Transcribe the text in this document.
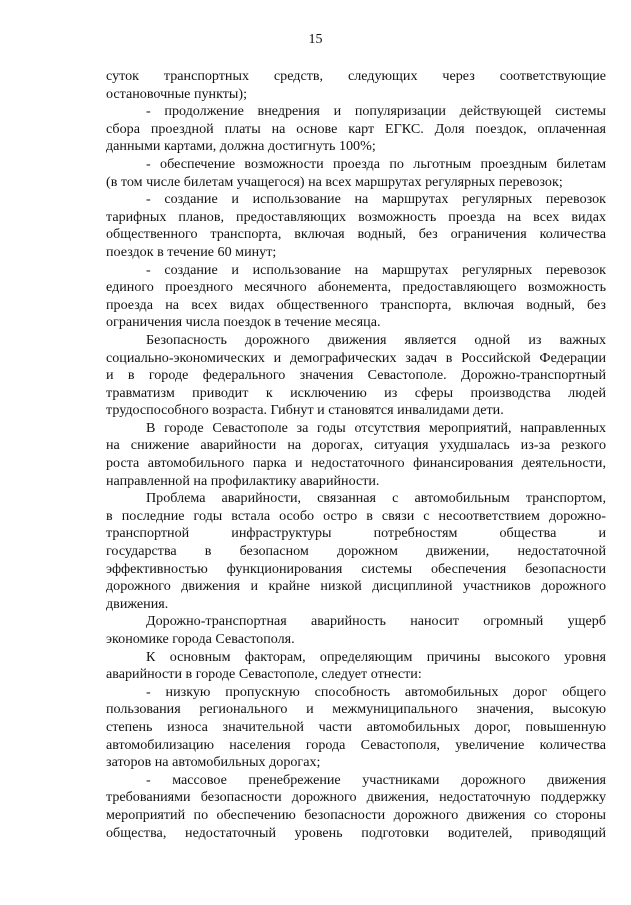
15
суток транспортных средств, следующих через соответствующие
остановочные пункты);
- продолжение внедрения и популяризации действующей системы
сбора проездной платы на основе карт ЕГКС. Доля поездок, оплаченная
данными картами, должна достигнуть 100%;
- обеспечение возможности проезда по льготным проездным билетам
(в том числе билетам учащегося) на всех маршрутах регулярных перевозок;
- создание и использование на маршрутах регулярных перевозок
тарифных планов, предоставляющих возможность проезда на всех видах
общественного транспорта, включая водный, без ограничения количества
поездок в течение 60 минут;
- создание и использование на маршрутах регулярных перевозок
единого проездного месячного абонемента, предоставляющего возможность
проезда на всех видах общественного транспорта, включая водный, без
ограничения числа поездок в течение месяца.
Безопасность дорожного движения является одной из важных
социально-экономических и демографических задач в Российской Федерации
и в городе федерального значения Севастополе. Дорожно-транспортный
травматизм приводит к исключению из сферы производства людей
трудоспособного возраста. Гибнут и становятся инвалидами дети.
В городе Севастополе за годы отсутствия мероприятий, направленных
на снижение аварийности на дорогах, ситуация ухудшалась из-за резкого
роста автомобильного парка и недостаточного финансирования деятельности,
направленной на профилактику аварийности.
Проблема аварийности, связанная с автомобильным транспортом,
в последние годы встала особо остро в связи с несоответствием дорожно-
транспортной инфраструктуры потребностям общества и
государства в безопасном дорожном движении, недостаточной
эффективностью функционирования системы обеспечения безопасности
дорожного движения и крайне низкой дисциплиной участников дорожного
движения.
Дорожно-транспортная аварийность наносит огромный ущерб
экономике города Севастополя.
К основным факторам, определяющим причины высокого уровня
аварийности в городе Севастополе, следует отнести:
- низкую пропускную способность автомобильных дорог общего
пользования регионального и межмуниципального значения, высокую
степень износа значительной части автомобильных дорог, повышенную
автомобилизацию населения города Севастополя, увеличение количества
заторов на автомобильных дорогах;
- массовое пренебрежение участниками дорожного движения
требованиями безопасности дорожного движения, недостаточную поддержку
мероприятий по обеспечению безопасности дорожного движения со стороны
общества, недостаточный уровень подготовки водителей, приводящий
